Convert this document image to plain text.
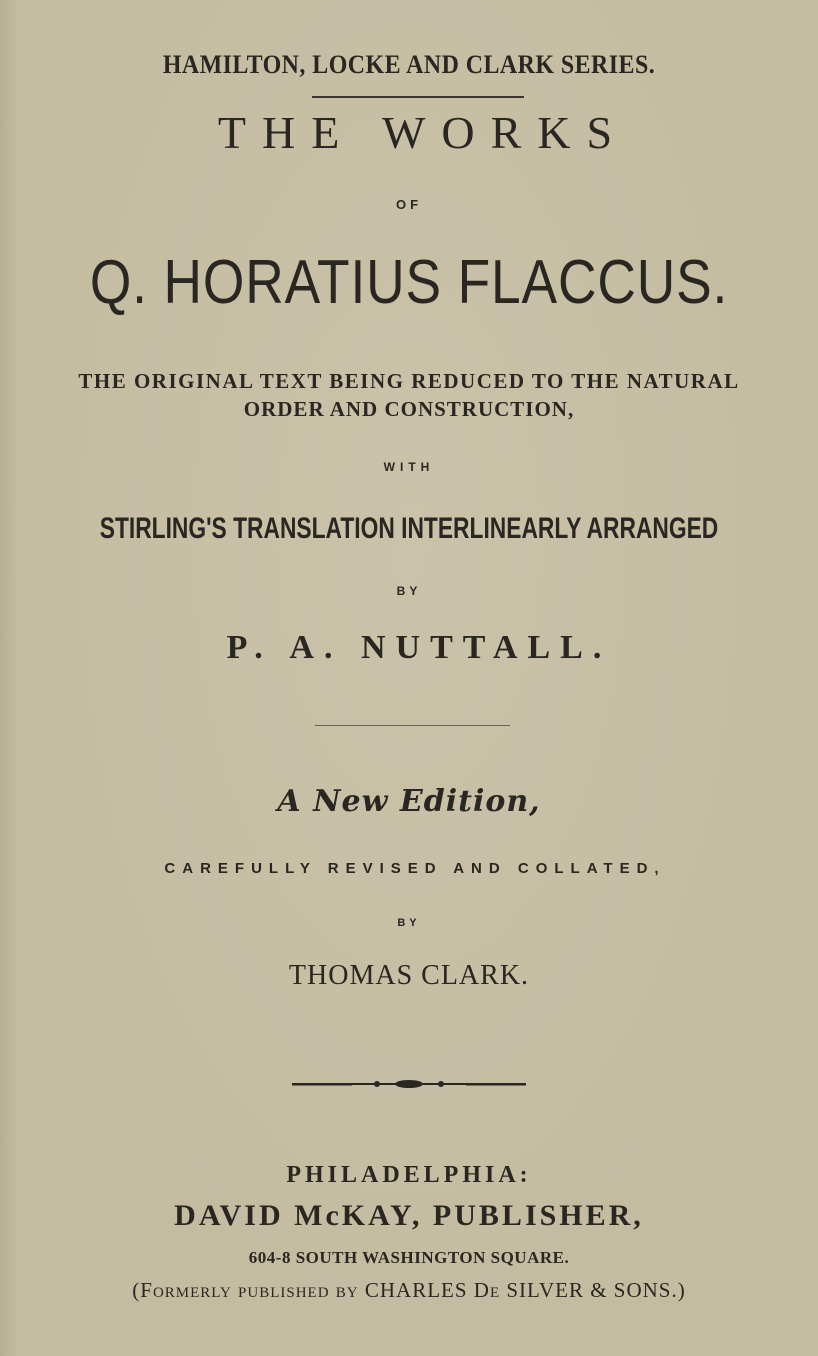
HAMILTON, LOCKE AND CLARK SERIES.
THE WORKS
OF
Q. HORATIUS FLACCUS.
THE ORIGINAL TEXT BEING REDUCED TO THE NATURAL
ORDER AND CONSTRUCTION,
WITH
STIRLING'S TRANSLATION INTERLINEARLY ARRANGED
BY
P. A. NUTTALL.
A New Edition,
CAREFULLY REVISED AND COLLATED,
BY
THOMAS CLARK.
PHILADELPHIA:
DAVID McKAY, PUBLISHER,
604-8 SOUTH WASHINGTON SQUARE.
(Formerly published by CHARLES De SILVER & SONS.)
